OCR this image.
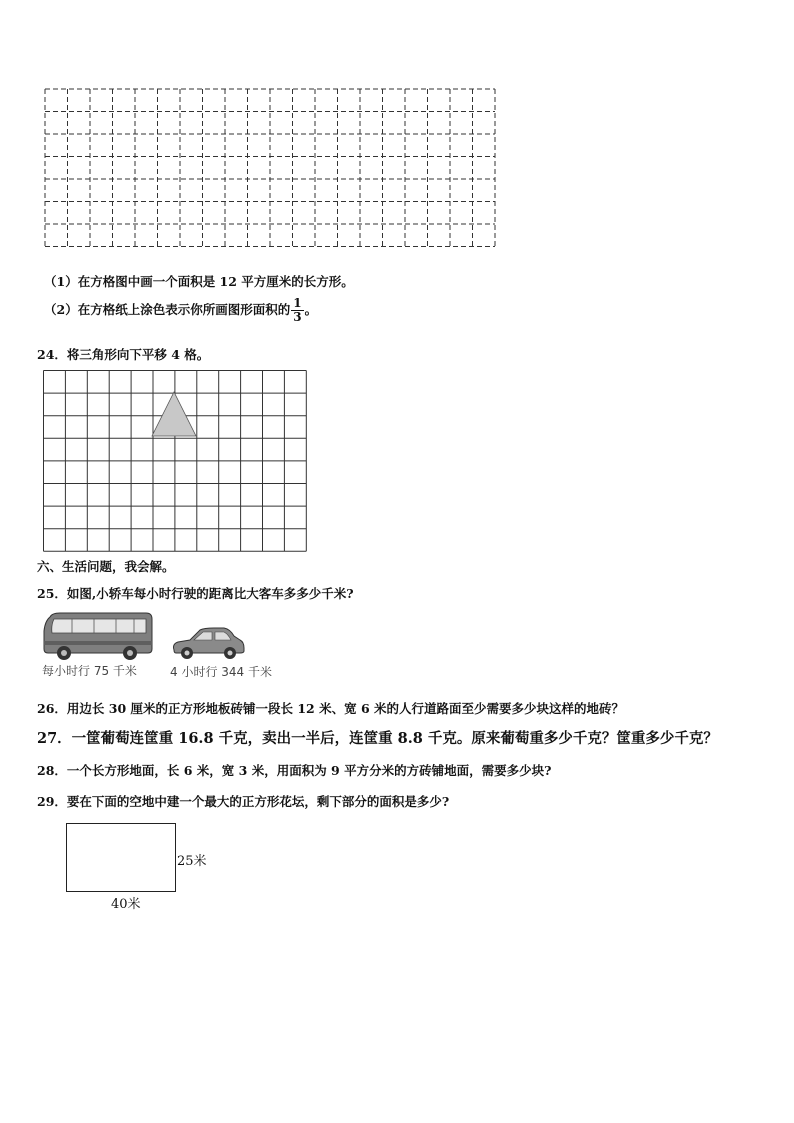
（1）在方格图中画一个面积是 12 平方厘米的长方形。
（2）在方格纸上涂色表示你所画图形面积的 $\frac{1}{3}$ 。
24．将三角形向下平移 4 格。
六、生活问题，我会解。
25．如图,小轿车每小时行驶的距离比大客车多多少千米?
每小时行 75 千米	4 小时行 344 千米
26．用边长 30 厘米的正方形地板砖铺一段长 12 米、宽 6 米的人行道路面至少需要多少块这样的地砖？
27．一筐葡萄连筐重 16.8 千克，卖出一半后，连筐重 8.8 千克。原来葡萄重多少千克？筐重多少千克？
28．一个长方形地面，长 6 米，宽 3 米，用面积为 9 平方分米的方砖铺地面，需要多少块?
29．要在下面的空地中建一个最大的正方形花坛，剩下部分的面积是多少?
25米
40米
